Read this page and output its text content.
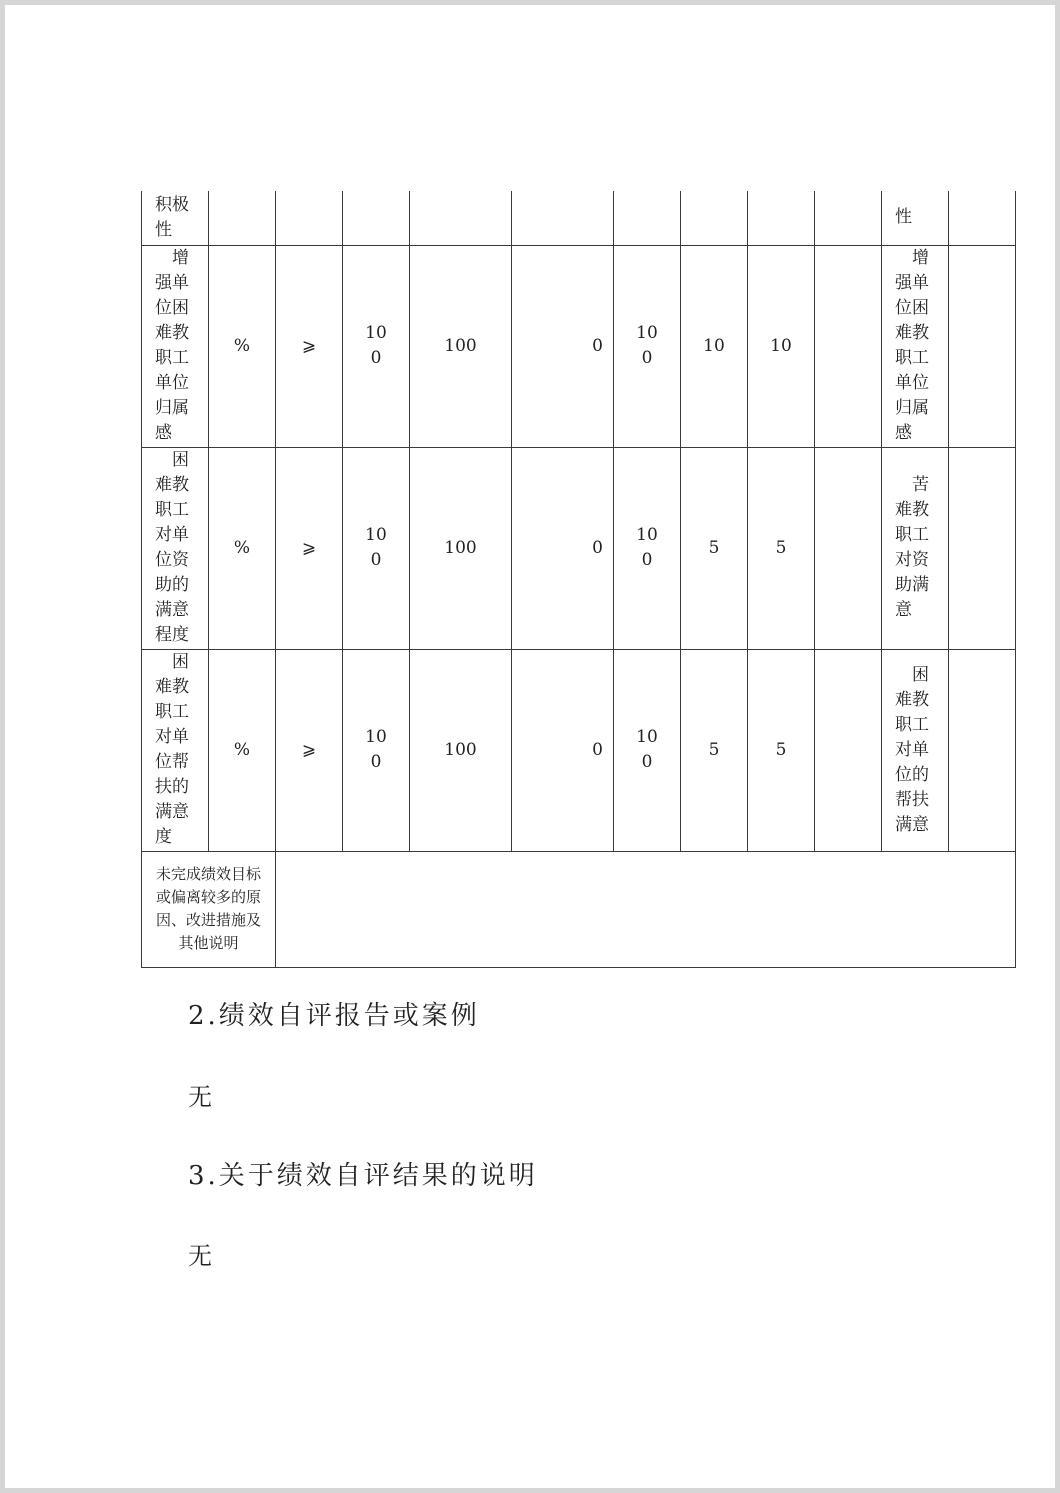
积极性										性	

增强单位困难教职工单位归属感	%	⩾	100	100	0	100	10	10		增强单位困难教职工单位归属感	

困难教职工对单位资助的满意程度	%	⩾	100	100	0	100	5	5		苦难教职工对资助满意	

困难教职工对单位帮扶的满意度	%	⩾	100	100	0	100	5	5		困难教职工对单位的帮扶满意	

未完成绩效目标或偏离较多的原因、改进措施及其他说明											

2.绩效自评报告或案例

无

3.关于绩效自评结果的说明

无
